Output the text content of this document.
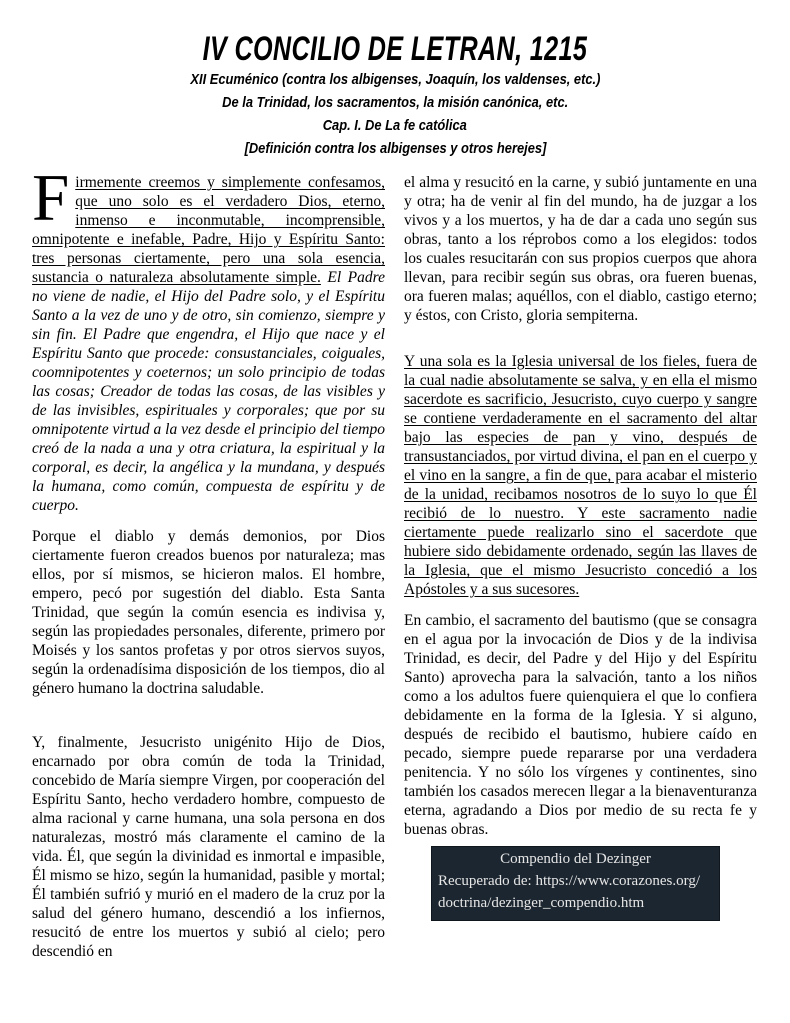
IV CONCILIO DE LETRAN, 1215
XII Ecuménico (contra los albigenses, Joaquín, los valdenses, etc.)
De la Trinidad, los sacramentos, la misión canónica, etc.
Cap. I. De La fe católica
[Definición contra los albigenses y otros herejes]

Firmemente creemos y simplemente confesamos, que uno solo es el verdadero Dios, eterno, inmenso e inconmutable, incomprensible, omnipotente e inefable, Padre, Hijo y Espíritu Santo: tres personas ciertamente, pero una sola esencia, sustancia o naturaleza absolutamente simple. El Padre no viene de nadie, el Hijo del Padre solo, y el Espíritu Santo a la vez de uno y de otro, sin comienzo, siempre y sin fin. El Padre que engendra, el Hijo que nace y el Espíritu Santo que procede: consustanciales, coiguales, coomnipotentes y coeternos; un solo principio de todas las cosas; Creador de todas las cosas, de las visibles y de las invisibles, espirituales y corporales; que por su omnipotente virtud a la vez desde el principio del tiempo creó de la nada a una y otra criatura, la espiritual y la corporal, es decir, la angélica y la mundana, y después la humana, como común, compuesta de espíritu y de cuerpo.

Porque el diablo y demás demonios, por Dios ciertamente fueron creados buenos por naturaleza; mas ellos, por sí mismos, se hicieron malos. El hombre, empero, pecó por sugestión del diablo. Esta Santa Trinidad, que según la común esencia es indivisa y, según las propiedades personales, diferente, primero por Moisés y los santos profetas y por otros siervos suyos, según la ordenadísima disposición de los tiempos, dio al género humano la doctrina saludable.

Y, finalmente, Jesucristo unigénito Hijo de Dios, encarnado por obra común de toda la Trinidad, concebido de María siempre Virgen, por cooperación del Espíritu Santo, hecho verdadero hombre, compuesto de alma racional y carne humana, una sola persona en dos naturalezas, mostró más claramente el camino de la vida. Él, que según la divinidad es inmortal e impasible, Él mismo se hizo, según la humanidad, pasible y mortal; Él también sufrió y murió en el madero de la cruz por la salud del género humano, descendió a los infiernos, resucitó de entre los muertos y subió al cielo; pero descendió en

el alma y resucitó en la carne, y subió juntamente en una y otra; ha de venir al fin del mundo, ha de juzgar a los vivos y a los muertos, y ha de dar a cada uno según sus obras, tanto a los réprobos como a los elegidos: todos los cuales resucitarán con sus propios cuerpos que ahora llevan, para recibir según sus obras, ora fueren buenas, ora fueren malas; aquéllos, con el diablo, castigo eterno; y éstos, con Cristo, gloria sempiterna.

Y una sola es la Iglesia universal de los fieles, fuera de la cual nadie absolutamente se salva, y en ella el mismo sacerdote es sacrificio, Jesucristo, cuyo cuerpo y sangre se contiene verdaderamente en el sacramento del altar bajo las especies de pan y vino, después de transustanciados, por virtud divina, el pan en el cuerpo y el vino en la sangre, a fin de que, para acabar el misterio de la unidad, recibamos nosotros de lo suyo lo que Él recibió de lo nuestro. Y este sacramento nadie ciertamente puede realizarlo sino el sacerdote que hubiere sido debidamente ordenado, según las llaves de la Iglesia, que el mismo Jesucristo concedió a los Apóstoles y a sus sucesores.

En cambio, el sacramento del bautismo (que se consagra en el agua por la invocación de Dios y de la indivisa Trinidad, es decir, del Padre y del Hijo y del Espíritu Santo) aprovecha para la salvación, tanto a los niños como a los adultos fuere quienquiera el que lo confiera debidamente en la forma de la Iglesia. Y si alguno, después de recibido el bautismo, hubiere caído en pecado, siempre puede repararse por una verdadera penitencia. Y no sólo los vírgenes y continentes, sino también los casados merecen llegar a la bienaventuranza eterna, agradando a Dios por medio de su recta fe y buenas obras.

Compendio del Dezinger
Recuperado de: https://www.corazones.org/
doctrina/dezinger_compendio.htm
